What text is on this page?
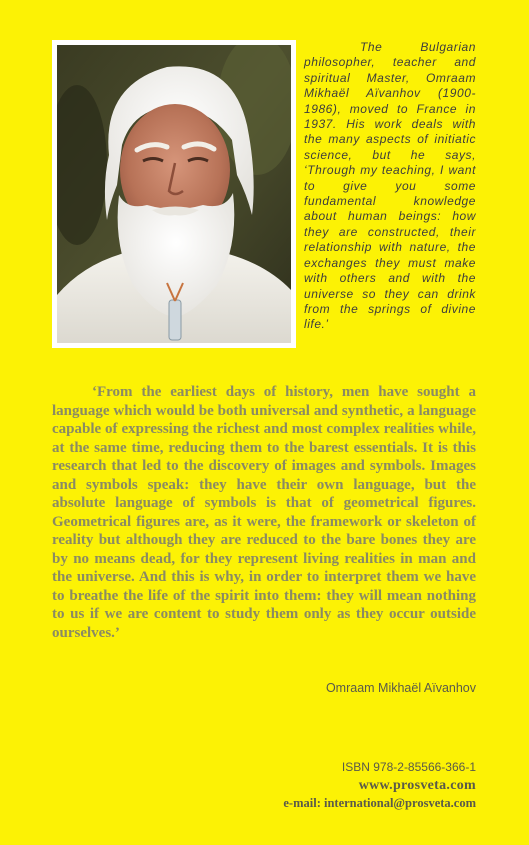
The Bulgarian philosopher, teacher and spiritual Master, Omraam Mikhaël Aïvanhov (1900-1986), moved to France in 1937. His work deals with the many aspects of initiatic science, but he says, ‘Through my teaching, I want to give you some fundamental knowledge about human beings: how they are constructed, their relationship with nature, the exchanges they must make with others and with the universe so they can drink from the springs of divine life.’

‘From the earliest days of history, men have sought a language which would be both universal and synthetic, a language capable of expressing the richest and most complex realities while, at the same time, reducing them to the barest essentials. It is this research that led to the discovery of images and symbols. Images and symbols speak: they have their own language, but the absolute language of symbols is that of geometrical figures. Geometrical figures are, as it were, the framework or skeleton of reality but although they are reduced to the bare bones they are by no means dead, for they represent living realities in man and the universe. And this is why, in order to interpret them we have to breathe the life of the spirit into them: they will mean nothing to us if we are content to study them only as they occur outside ourselves.’

Omraam Mikhaël Aïvanhov

ISBN 978-2-85566-366-1
www.prosveta.com
e-mail: international@prosveta.com
